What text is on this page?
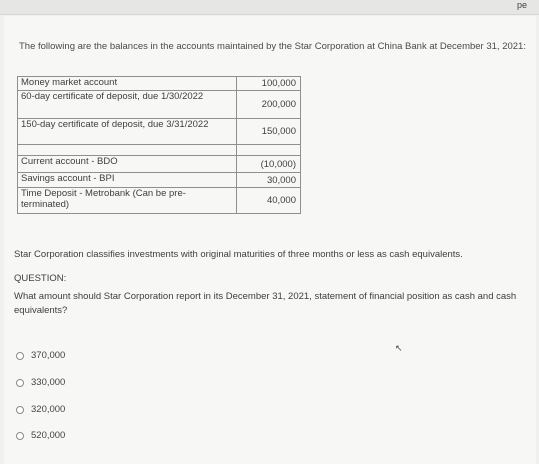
pe
The following are the balances in the accounts maintained by the Star Corporation at China Bank at December 31, 2021:
Money market account	100,000
60-day certificate of deposit, due 1/30/2022	200,000
150-day certificate of deposit, due 3/31/2022	150,000

Current account - BDO	(10,000)
Savings account - BPI	30,000
Time Deposit - Metrobank (Can be pre-terminated)	40,000
Star Corporation classifies investments with original maturities of three months or less as cash equivalents.
QUESTION:
What amount should Star Corporation report in its December 31, 2021, statement of financial position as cash and cash equivalents?
↖
370,000
330,000
320,000
520,000
